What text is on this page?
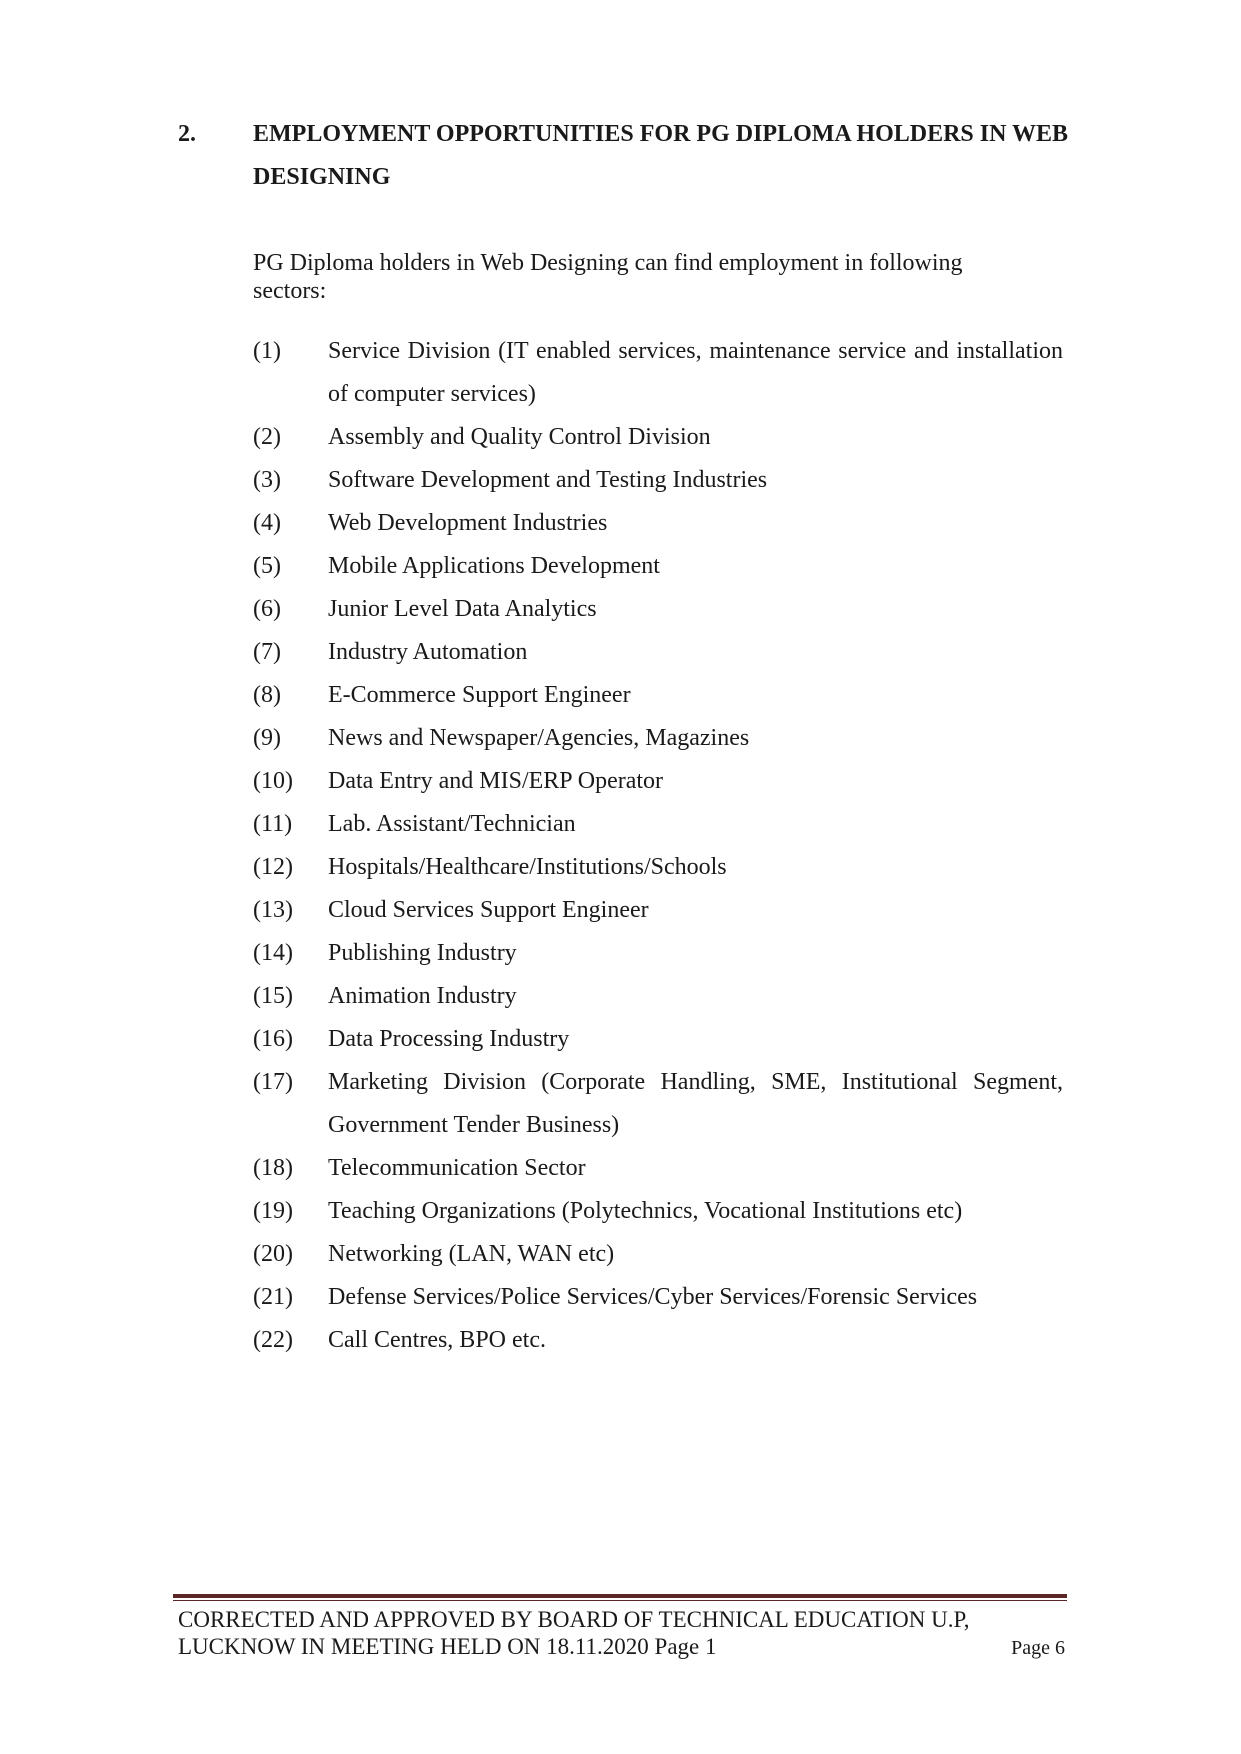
2. EMPLOYMENT OPPORTUNITIES FOR PG DIPLOMA HOLDERS IN WEB DESIGNING
PG Diploma holders in Web Designing can find employment in following sectors:
(1)	Service Division (IT enabled services, maintenance service and installation of computer services)
(2)	Assembly and Quality Control Division
(3)	Software Development and Testing Industries
(4)	Web Development Industries
(5)	Mobile Applications Development
(6)	Junior Level Data Analytics
(7)	Industry Automation
(8)	E-Commerce Support Engineer
(9)	News and Newspaper/Agencies, Magazines
(10)	Data Entry and MIS/ERP Operator
(11)	Lab. Assistant/Technician
(12)	Hospitals/Healthcare/Institutions/Schools
(13)	Cloud Services Support Engineer
(14)	Publishing Industry
(15)	Animation Industry
(16)	Data Processing Industry
(17)	Marketing Division (Corporate Handling, SME, Institutional Segment, Government Tender Business)
(18)	Telecommunication Sector
(19)	Teaching Organizations (Polytechnics, Vocational Institutions etc)
(20)	Networking (LAN, WAN etc)
(21)	Defense Services/Police Services/Cyber Services/Forensic Services
(22)	Call Centres, BPO etc.
CORRECTED AND APPROVED BY BOARD OF TECHNICAL EDUCATION U.P,
LUCKNOW IN MEETING HELD ON 18.11.2020 Page 1	Page 6
